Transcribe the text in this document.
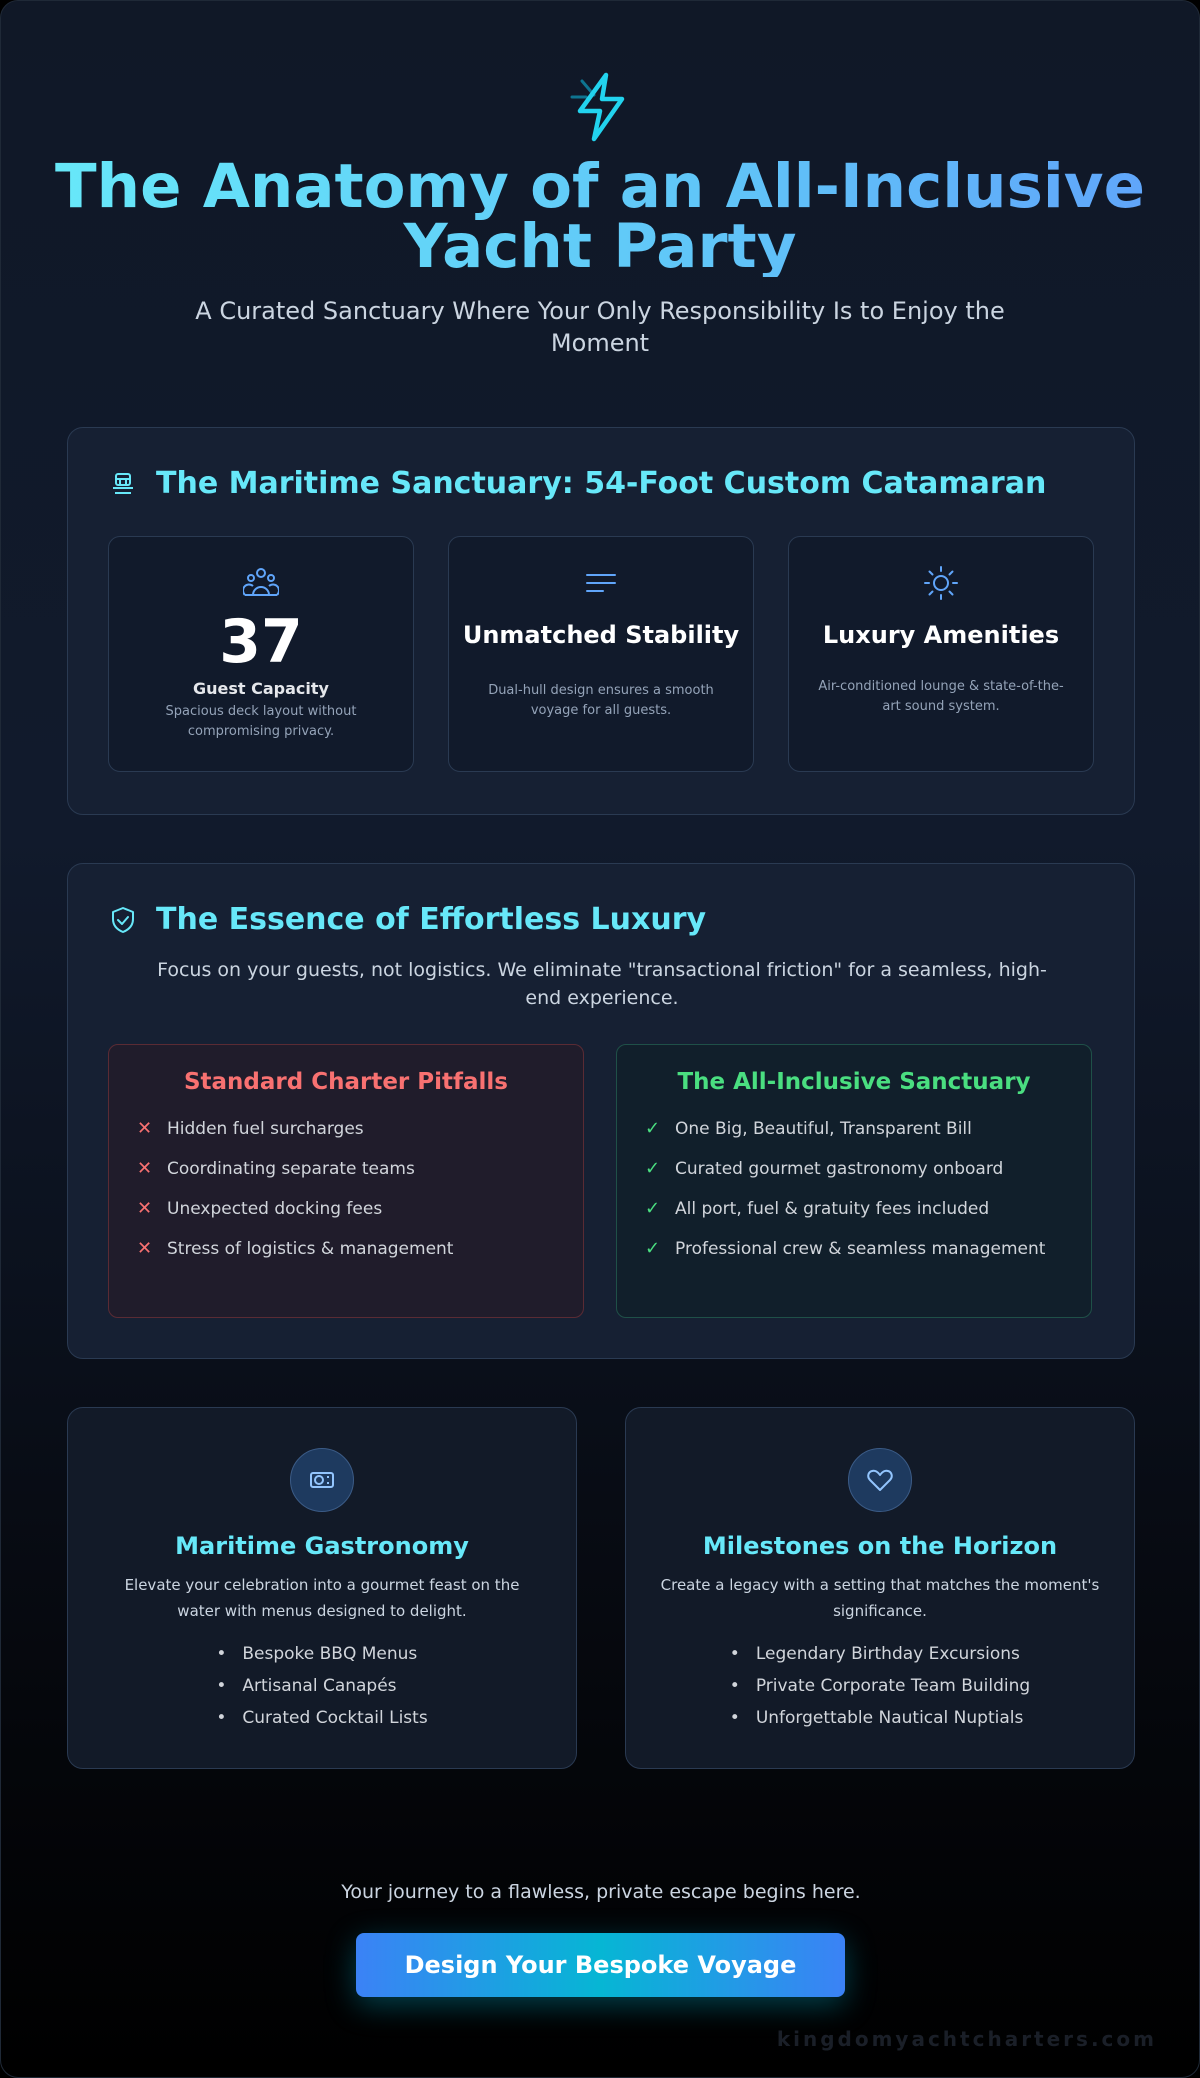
The Anatomy of an All-Inclusive Yacht Party

A Curated Sanctuary Where Your Only Responsibility Is to Enjoy the Moment

The Maritime Sanctuary: 54-Foot Custom Catamaran
37
Guest Capacity
Spacious deck layout without compromising privacy.
Unmatched Stability
Dual-hull design ensures a smooth voyage for all guests.
Luxury Amenities
Air-conditioned lounge & state-of-the-art sound system.
The Essence of Effortless Luxury

Focus on your guests, not logistics. We eliminate "transactional friction" for a seamless, high-end experience.

Standard Charter Pitfalls
✕ Hidden fuel surcharges
✕ Coordinating separate teams
✕ Unexpected docking fees
✕ Stress of logistics & management
The All-Inclusive Sanctuary
✓ One Big, Beautiful, Transparent Bill
✓ Curated gourmet gastronomy onboard
✓ All port, fuel & gratuity fees included
✓ Professional crew & seamless management
Maritime Gastronomy

Elevate your celebration into a gourmet feast on the water with menus designed to delight.

• Bespoke BBQ Menus
• Artisanal Canapés
• Curated Cocktail Lists
Milestones on the Horizon

Create a legacy with a setting that matches the moment's significance.

• Legendary Birthday Excursions
• Private Corporate Team Building
• Unforgettable Nautical Nuptials

Your journey to a flawless, private escape begins here.

Design Your Bespoke Voyage
kingdomyachtcharters.com
